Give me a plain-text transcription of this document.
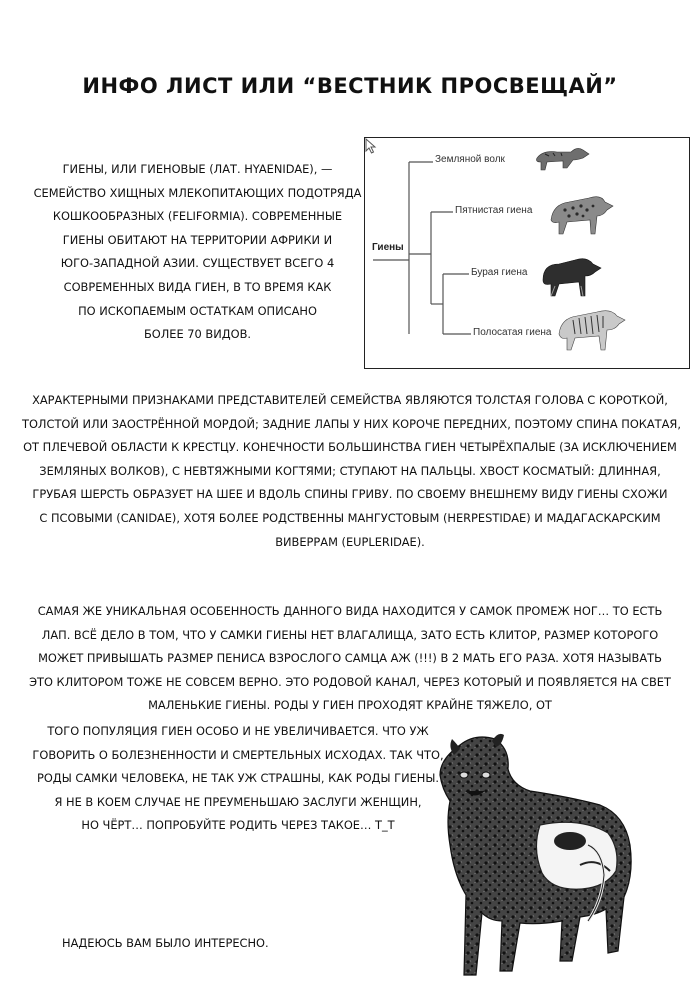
ИНФО ЛИСТ ИЛИ “ВЕСТНИК ПРОСВЕЩАЙ”
ГИЕНЫ, ИЛИ ГИЕНОВЫЕ (ЛАТ. HYAENIDAE), —
СЕМЕЙСТВО ХИЩНЫХ МЛЕКОПИТАЮЩИХ ПОДОТРЯДА
КОШКООБРАЗНЫХ (FELIFORMIA). СОВРЕМЕННЫЕ
ГИЕНЫ ОБИТАЮТ НА ТЕРРИТОРИИ АФРИКИ И
ЮГО-ЗАПАДНОЙ АЗИИ. СУЩЕСТВУЕТ ВСЕГО 4
СОВРЕМЕННЫХ ВИДА ГИЕН, В ТО ВРЕМЯ КАК
ПО ИСКОПАЕМЫМ ОСТАТКАМ ОПИСАНО
БОЛЕЕ 70 ВИДОВ.
Гиены
Земляной волк
Пятнистая гиена
Бурая гиена
Полосатая гиена
ХАРАКТЕРНЫМИ ПРИЗНАКАМИ ПРЕДСТАВИТЕЛЕЙ СЕМЕЙСТВА ЯВЛЯЮТСЯ ТОЛСТАЯ ГОЛОВА С КОРОТКОЙ,
ТОЛСТОЙ ИЛИ ЗАОСТРЁННОЙ МОРДОЙ; ЗАДНИЕ ЛАПЫ У НИХ КОРОЧЕ ПЕРЕДНИХ, ПОЭТОМУ СПИНА ПОКАТАЯ,
ОТ ПЛЕЧЕВОЙ ОБЛАСТИ К КРЕСТЦУ. КОНЕЧНОСТИ БОЛЬШИНСТВА ГИЕН ЧЕТЫРЁХПАЛЫЕ (ЗА ИСКЛЮЧЕНИЕМ
ЗЕМЛЯНЫХ ВОЛКОВ), С НЕВТЯЖНЫМИ КОГТЯМИ; СТУПАЮТ НА ПАЛЬЦЫ. ХВОСТ КОСМАТЫЙ: ДЛИННАЯ,
ГРУБАЯ ШЕРСТЬ ОБРАЗУЕТ НА ШЕЕ И ВДОЛЬ СПИНЫ ГРИВУ. ПО СВОЕМУ ВНЕШНЕМУ ВИДУ ГИЕНЫ СХОЖИ
С ПСОВЫМИ (CANIDAE), ХОТЯ БОЛЕЕ РОДСТВЕННЫ МАНГУСТОВЫМ (HERPESTIDAE) И МАДАГАСКАРСКИМ
ВИВЕРРАМ (EUPLERIDAE).
САМАЯ ЖЕ УНИКАЛЬНАЯ ОСОБЕННОСТЬ ДАННОГО ВИДА НАХОДИТСЯ У САМОК ПРОМЕЖ НОГ… ТО ЕСТЬ
ЛАП. ВСЁ ДЕЛО В ТОМ, ЧТО У САМКИ ГИЕНЫ НЕТ ВЛАГАЛИЩА, ЗАТО ЕСТЬ КЛИТОР, РАЗМЕР КОТОРОГО
МОЖЕТ ПРИВЫШАТЬ РАЗМЕР ПЕНИСА ВЗРОСЛОГО САМЦА АЖ (!!!) В 2 МАТЬ ЕГО РАЗА. ХОТЯ НАЗЫВАТЬ
ЭТО КЛИТОРОМ ТОЖЕ НЕ СОВСЕМ ВЕРНО. ЭТО РОДОВОЙ КАНАЛ, ЧЕРЕЗ КОТОРЫЙ И ПОЯВЛЯЕТСЯ НА СВЕТ
МАЛЕНЬКИЕ ГИЕНЫ. РОДЫ У ГИЕН ПРОХОДЯТ КРАЙНЕ ТЯЖЕЛО, ОТ
ТОГО ПОПУЛЯЦИЯ ГИЕН ОСОБО И НЕ УВЕЛИЧИВАЕТСЯ. ЧТО УЖ
ГОВОРИТЬ О БОЛЕЗНЕННОСТИ И СМЕРТЕЛЬНЫХ ИСХОДАХ. ТАК ЧТО,
РОДЫ САМКИ ЧЕЛОВЕКА, НЕ ТАК УЖ СТРАШНЫ, КАК РОДЫ ГИЕНЫ.
Я НЕ В КОЕМ СЛУЧАЕ НЕ ПРЕУМЕНЬШАЮ ЗАСЛУГИ ЖЕНЩИН,
НО ЧЁРТ… ПОПРОБУЙТЕ РОДИТЬ ЧЕРЕЗ ТАКОЕ… T_T
НАДЕЮСЬ ВАМ БЫЛО ИНТЕРЕСНО.
